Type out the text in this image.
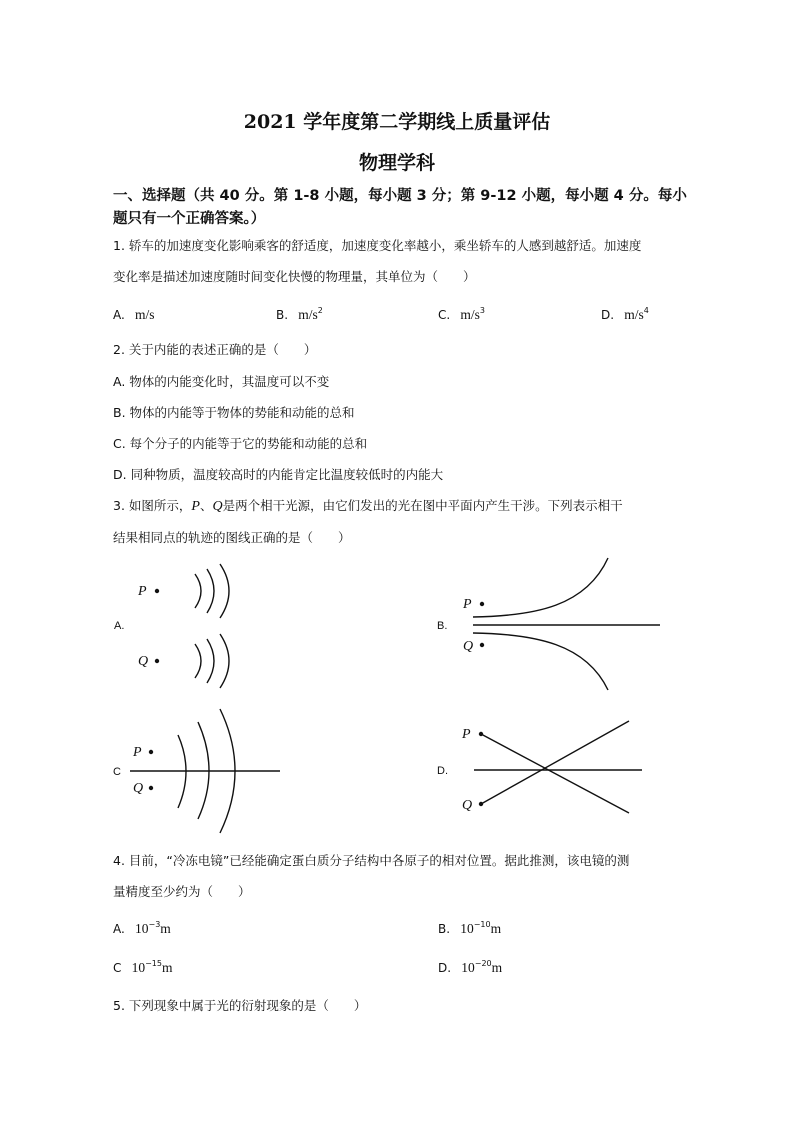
2021 学年度第二学期线上质量评估
物理学科
一、选择题（共 40 分。第 1-8 小题，每小题 3 分；第 9-12 小题，每小题 4 分。每小
题只有一个正确答案。）
1. 轿车的加速度变化影响乘客的舒适度，加速度变化率越小，乘坐轿车的人感到越舒适。加速度
变化率是描述加速度随时间变化快慢的物理量，其单位为（　　）
A. m/s	B. $m/s^2$	C. $m/s^3$	D. $m/s^4$
2. 关于内能的表述正确的是（　　）
A. 物体的内能变化时，其温度可以不变
B. 物体的内能等于物体的势能和动能的总和
C. 每个分子的内能等于它的势能和动能的总和
D. 同种物质，温度较高时的内能肯定比温度较低时的内能大
3. 如图所示，P、Q是两个相干光源，由它们发出的光在图中平面内产生干涉。下列表示相干
结果相同点的轨迹的图线正确的是（　　）
A.
P
Q
B.
P
Q
C
P
Q
D.
P
Q
4. 目前，“冷冻电镜”已经能确定蛋白质分子结构中各原子的相对位置。据此推测，该电镜的测
量精度至少约为（　　）
A. $10^{-3}m$	B. $10^{-10}m$
C $10^{-15}m$	D. $10^{-20}m$
5. 下列现象中属于光的衍射现象的是（　　）
